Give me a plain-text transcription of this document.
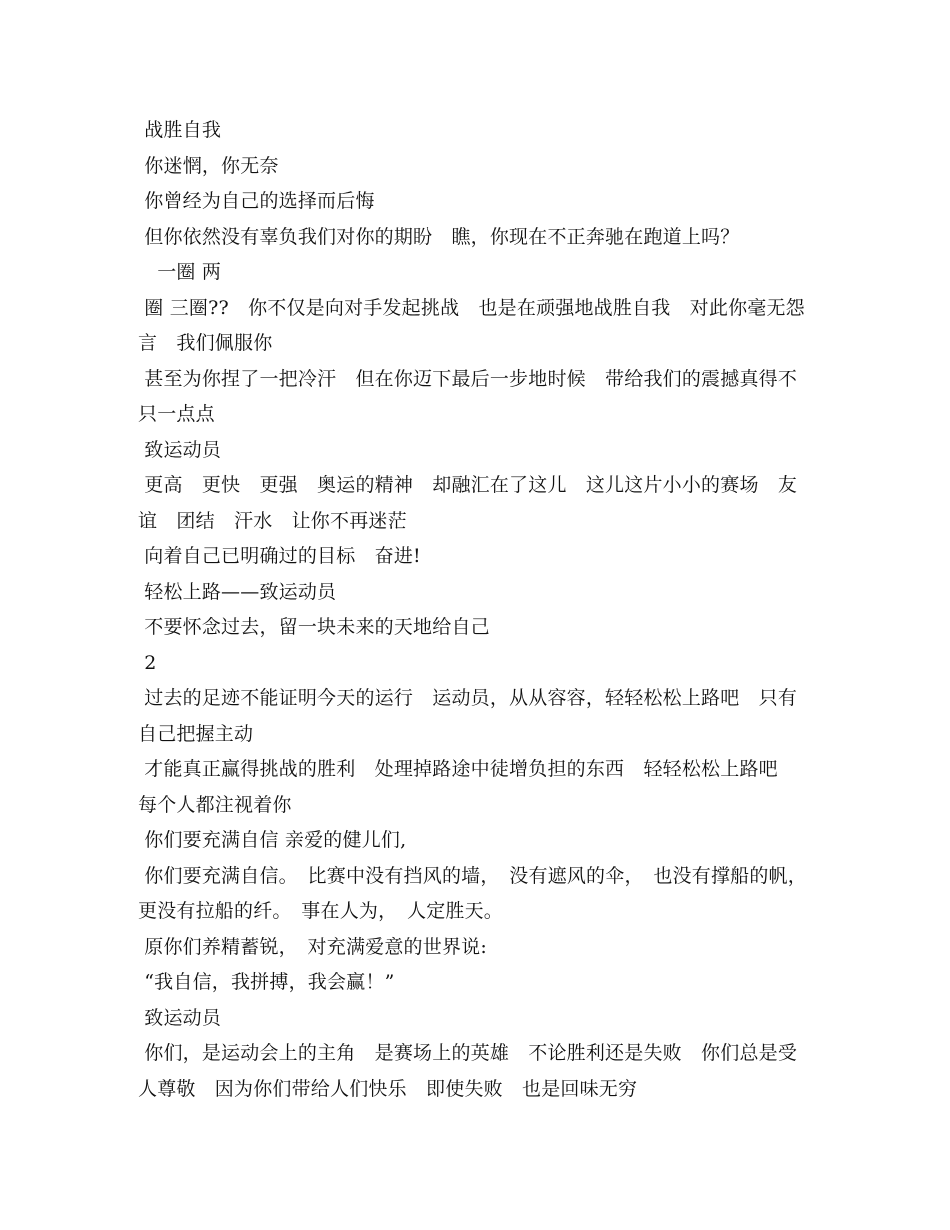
战胜自我

你迷惘，你无奈

你曾经为自己的选择而后悔

但你依然没有辜负我们对你的期盼　瞧，你现在不正奔驰在跑道上吗？

　一圈 两

圈 三圈??　你不仅是向对手发起挑战　也是在顽强地战胜自我　对此你毫无怨言　我们佩服你

甚至为你捏了一把冷汗　但在你迈下最后一步地时候　带给我们的震撼真得不只一点点

致运动员

更高　更快　更强　奥运的精神　却融汇在了这儿　这儿这片小小的赛场　友谊　团结　汗水　让你不再迷茫

向着自己已明确过的目标　奋进!

轻松上路——致运动员

不要怀念过去，留一块未来的天地给自己

2

过去的足迹不能证明今天的运行　运动员，从从容容，轻轻松松上路吧　只有自己把握主动

才能真正赢得挑战的胜利　处理掉路途中徒增负担的东西　轻轻松松上路吧　每个人都注视着你

你们要充满自信 亲爱的健儿们,

你们要充满自信。　比赛中没有挡风的墙，　没有遮风的伞，　也没有撑船的帆，　更没有拉船的纤。　事在人为，　人定胜天。

原你们养精蓄锐，　对充满爱意的世界说:

“我自信，我拼搏，我会赢！”

致运动员

你们，是运动会上的主角　是赛场上的英雄　不论胜利还是失败　你们总是受人尊敬　因为你们带给人们快乐　即使失败　也是回味无穷
